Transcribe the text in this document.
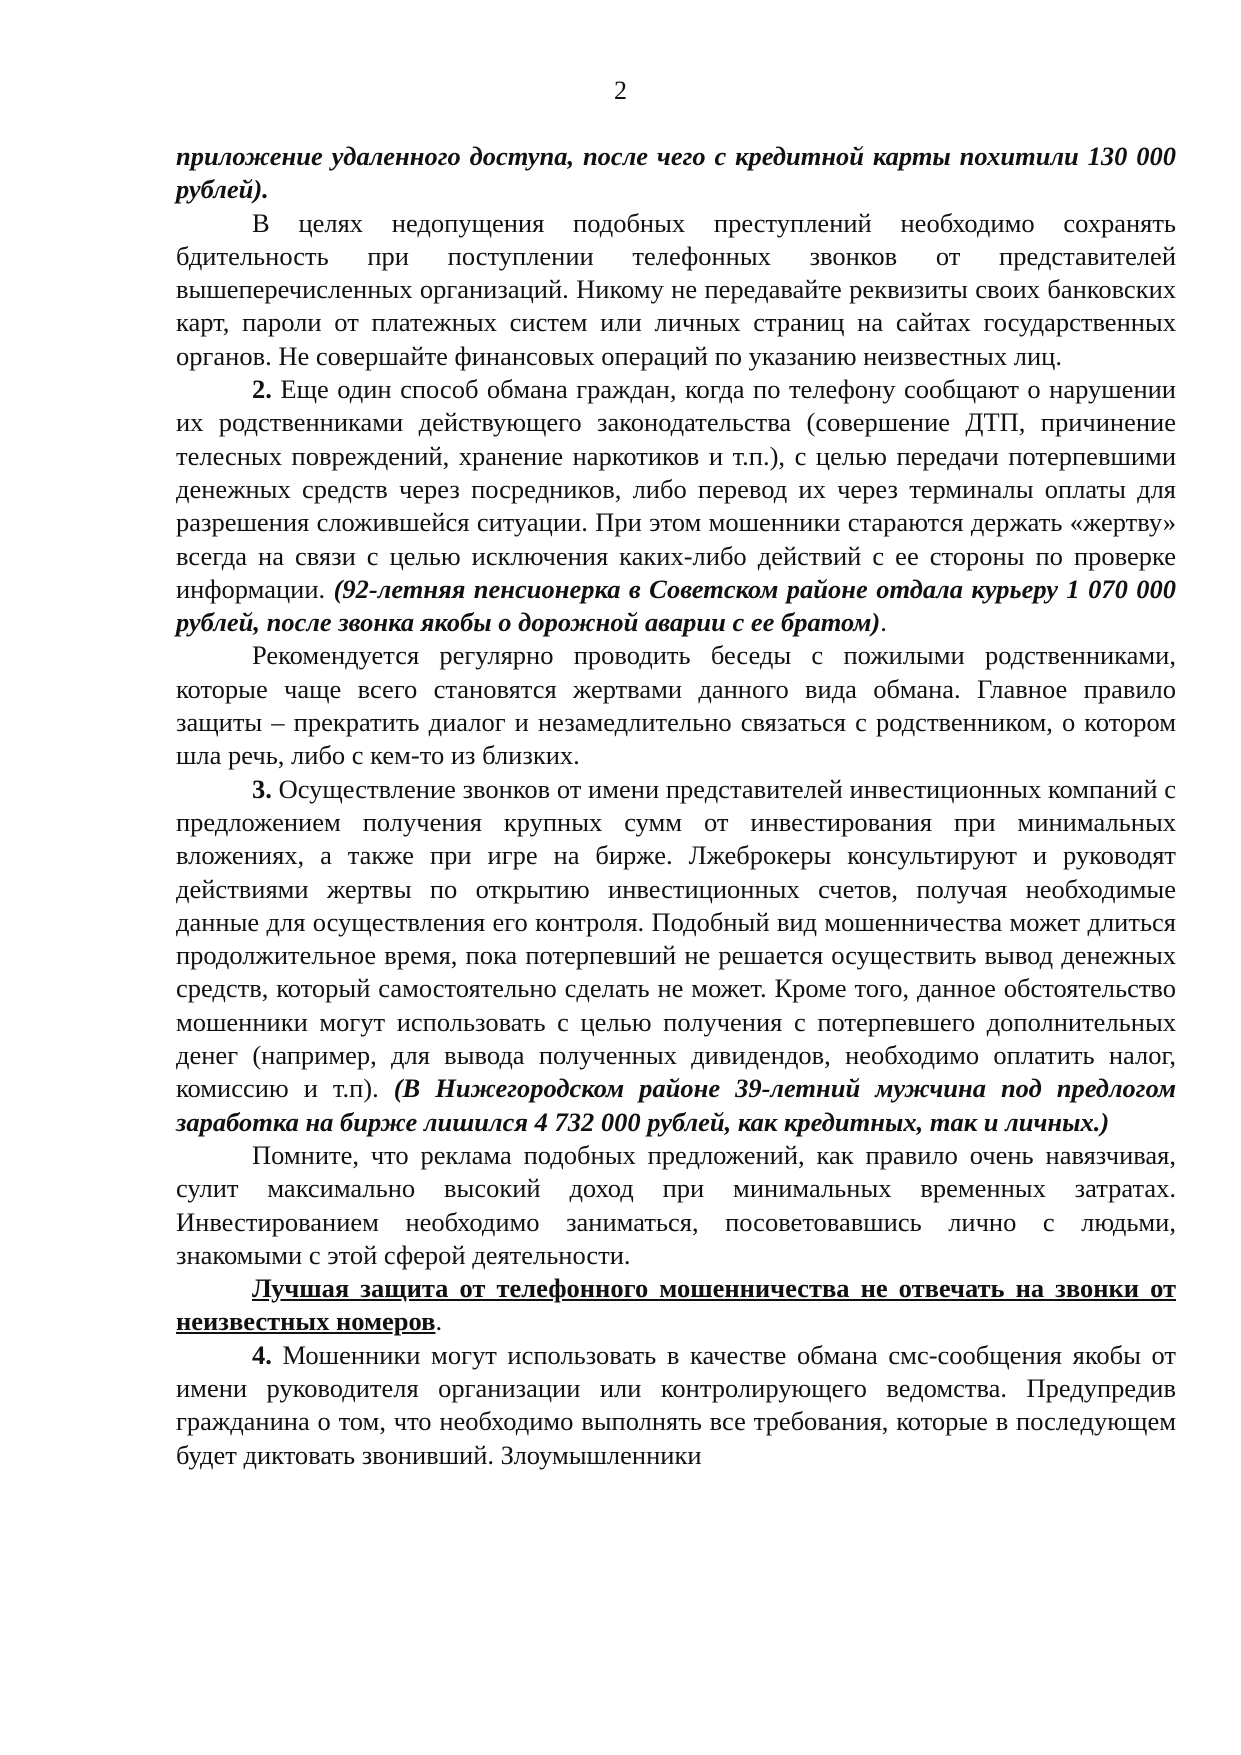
2

приложение удаленного доступа, после чего с кредитной карты похитили 130 000 рублей).

В целях недопущения подобных преступлений необходимо сохранять бдительность при поступлении телефонных звонков от представителей вышеперечисленных организаций. Никому не передавайте реквизиты своих банковских карт, пароли от платежных систем или личных страниц на сайтах государственных органов. Не совершайте финансовых операций по указанию неизвестных лиц.

2. Еще один способ обмана граждан, когда по телефону сообщают о нарушении их родственниками действующего законодательства (совершение ДТП, причинение телесных повреждений, хранение наркотиков и т.п.), с целью передачи потерпевшими денежных средств через посредников, либо перевод их через терминалы оплаты для разрешения сложившейся ситуации. При этом мошенники стараются держать «жертву» всегда на связи с целью исключения каких-либо действий с ее стороны по проверке информации. (92-летняя пенсионерка в Советском районе отдала курьеру 1 070 000 рублей, после звонка якобы о дорожной аварии с ее братом).

Рекомендуется регулярно проводить беседы с пожилыми родственниками, которые чаще всего становятся жертвами данного вида обмана. Главное правило защиты – прекратить диалог и незамедлительно связаться с родственником, о котором шла речь, либо с кем-то из близких.

3. Осуществление звонков от имени представителей инвестиционных компаний с предложением получения крупных сумм от инвестирования при минимальных вложениях, а также при игре на бирже. Лжеброкеры консультируют и руководят действиями жертвы по открытию инвестиционных счетов, получая необходимые данные для осуществления его контроля. Подобный вид мошенничества может длиться продолжительное время, пока потерпевший не решается осуществить вывод денежных средств, который самостоятельно сделать не может. Кроме того, данное обстоятельство мошенники могут использовать с целью получения с потерпевшего дополнительных денег (например, для вывода полученных дивидендов, необходимо оплатить налог, комиссию и т.п). (В Нижегородском районе 39-летний мужчина под предлогом заработка на бирже лишился 4 732 000 рублей, как кредитных, так и личных.)

Помните, что реклама подобных предложений, как правило очень навязчивая, сулит максимально высокий доход при минимальных временных затратах. Инвестированием необходимо заниматься, посоветовавшись лично с людьми, знакомыми с этой сферой деятельности.

Лучшая защита от телефонного мошенничества не отвечать на звонки от неизвестных номеров.

4. Мошенники могут использовать в качестве обмана смс-сообщения якобы от имени руководителя организации или контролирующего ведомства. Предупредив гражданина о том, что необходимо выполнять все требования, которые в последующем будет диктовать звонивший. Злоумышленники
